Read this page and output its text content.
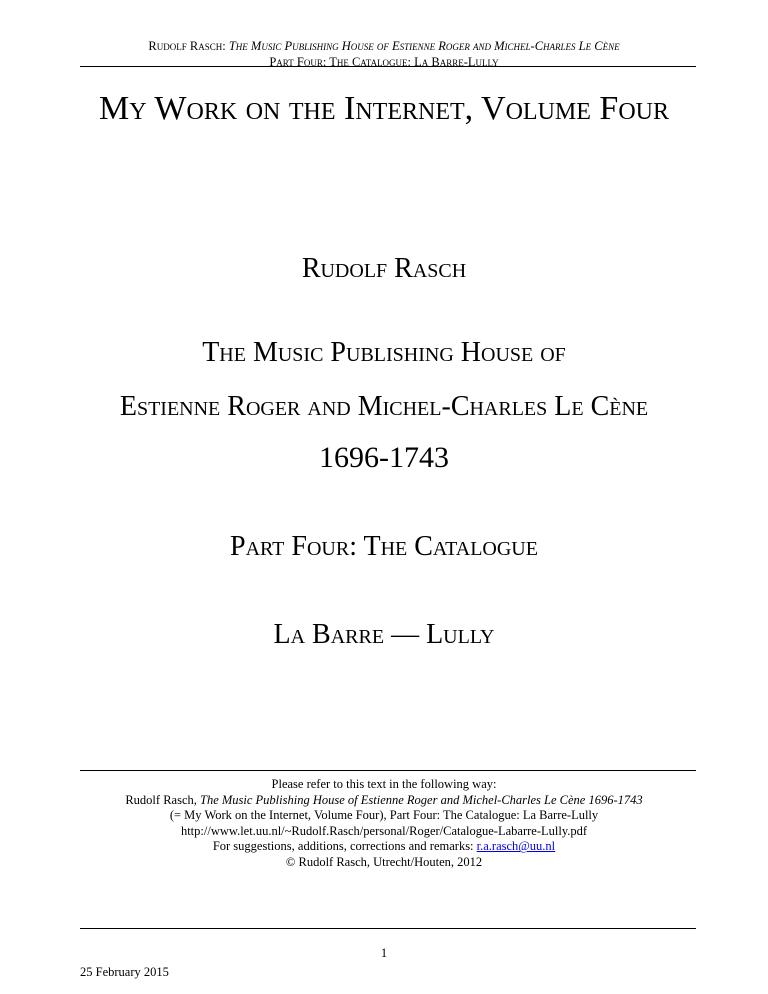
Rudolf Rasch: The Music Publishing House of Estienne Roger and Michel-Charles Le Cène
Part Four: The Catalogue: La Barre-Lully
My Work on the Internet, Volume Four
Rudolf Rasch
The Music Publishing House of
Estienne Roger and Michel-Charles Le Cène
1696-1743
Part Four: The Catalogue
La Barre — Lully
Please refer to this text in the following way:
Rudolf Rasch, The Music Publishing House of Estienne Roger and Michel-Charles Le Cène 1696-1743
(= My Work on the Internet, Volume Four), Part Four: The Catalogue: La Barre-Lully
http://www.let.uu.nl/~Rudolf.Rasch/personal/Roger/Catalogue-Labarre-Lully.pdf
For suggestions, additions, corrections and remarks: r.a.rasch@uu.nl
© Rudolf Rasch, Utrecht/Houten, 2012
1
25 February 2015
